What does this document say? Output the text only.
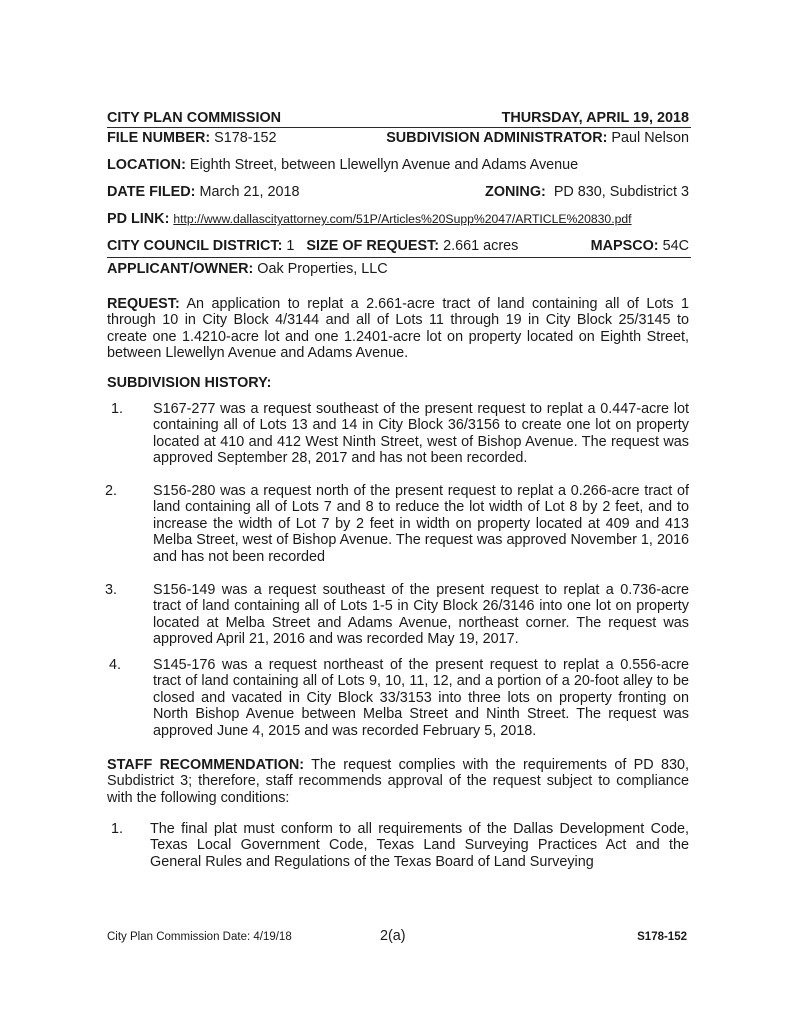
CITY PLAN COMMISSION	THURSDAY, APRIL 19, 2018
FILE NUMBER: S178-152	SUBDIVISION ADMINISTRATOR: Paul Nelson
LOCATION: Eighth Street, between Llewellyn Avenue and Adams Avenue
DATE FILED: March 21, 2018	ZONING: PD 830, Subdistrict 3
PD LINK: http://www.dallascityattorney.com/51P/Articles%20Supp%2047/ARTICLE%20830.pdf
CITY COUNCIL DISTRICT: 1 SIZE OF REQUEST: 2.661 acres	MAPSCO: 54C
APPLICANT/OWNER: Oak Properties, LLC
REQUEST: An application to replat a 2.661-acre tract of land containing all of Lots 1 through 10 in City Block 4/3144 and all of Lots 11 through 19 in City Block 25/3145 to create one 1.4210-acre lot and one 1.2401-acre lot on property located on Eighth Street, between Llewellyn Avenue and Adams Avenue.
SUBDIVISION HISTORY:
1. S167-277 was a request southeast of the present request to replat a 0.447-acre lot containing all of Lots 13 and 14 in City Block 36/3156 to create one lot on property located at 410 and 412 West Ninth Street, west of Bishop Avenue. The request was approved September 28, 2017 and has not been recorded.
2. S156-280 was a request north of the present request to replat a 0.266-acre tract of land containing all of Lots 7 and 8 to reduce the lot width of Lot 8 by 2 feet, and to increase the width of Lot 7 by 2 feet in width on property located at 409 and 413 Melba Street, west of Bishop Avenue. The request was approved November 1, 2016 and has not been recorded
3. S156-149 was a request southeast of the present request to replat a 0.736-acre tract of land containing all of Lots 1-5 in City Block 26/3146 into one lot on property located at Melba Street and Adams Avenue, northeast corner. The request was approved April 21, 2016 and was recorded May 19, 2017.
4. S145-176 was a request northeast of the present request to replat a 0.556-acre tract of land containing all of Lots 9, 10, 11, 12, and a portion of a 20-foot alley to be closed and vacated in City Block 33/3153 into three lots on property fronting on North Bishop Avenue between Melba Street and Ninth Street. The request was approved June 4, 2015 and was recorded February 5, 2018.
STAFF RECOMMENDATION: The request complies with the requirements of PD 830, Subdistrict 3; therefore, staff recommends approval of the request subject to compliance with the following conditions:
1. The final plat must conform to all requirements of the Dallas Development Code, Texas Local Government Code, Texas Land Surveying Practices Act and the General Rules and Regulations of the Texas Board of Land Surveying
City Plan Commission Date: 4/19/18	2(a)	S178-152
